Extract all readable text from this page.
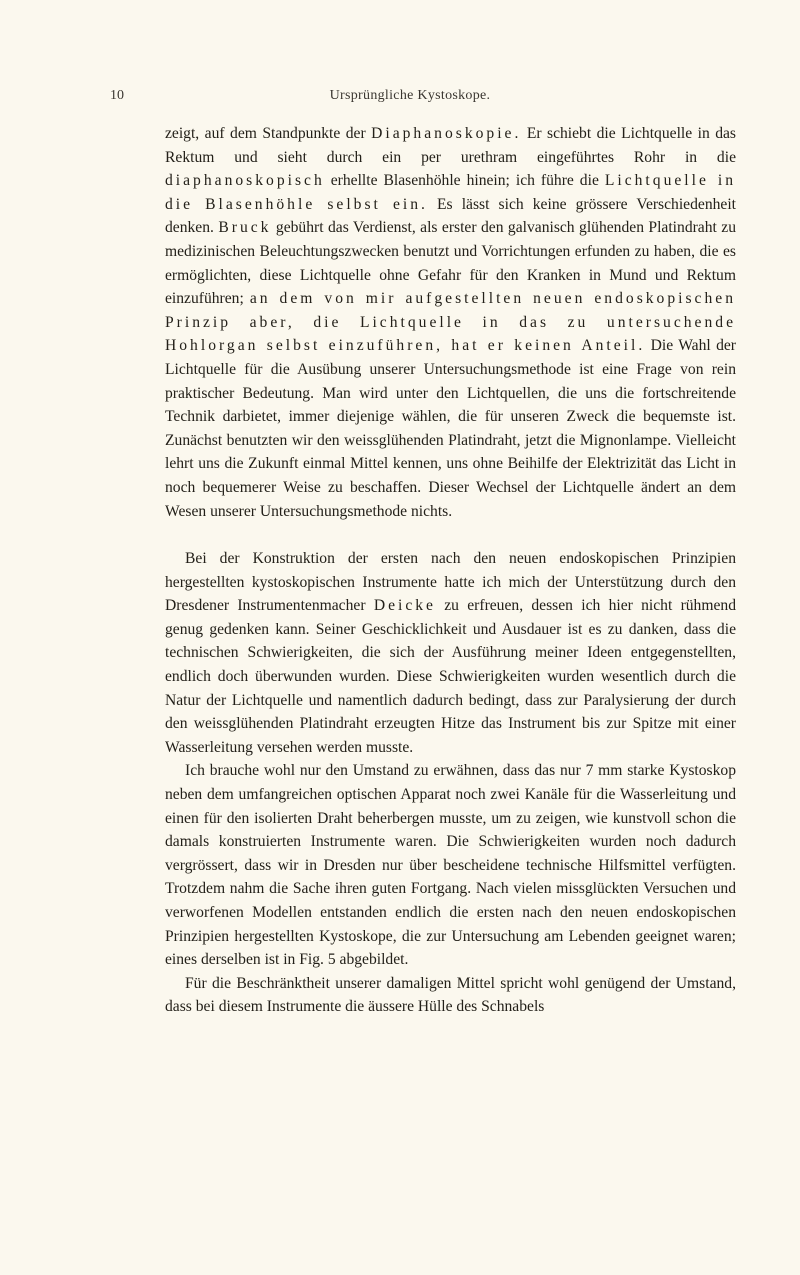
10	Ursprüngliche Kystoskope.

zeigt, auf dem Standpunkte der Diaphanoskopie. Er schiebt die Lichtquelle in das Rektum und sieht durch ein per urethram eingeführtes Rohr in die diaphanoskopisch erhellte Blasenhöhle hinein; ich führe die Lichtquelle in die Blasenhöhle selbst ein. Es lässt sich keine grössere Verschiedenheit denken. Bruck gebührt das Verdienst, als erster den galvanisch glühenden Platindraht zu medizinischen Beleuchtungszwecken benutzt und Vorrichtungen erfunden zu haben, die es ermöglichten, diese Lichtquelle ohne Gefahr für den Kranken in Mund und Rektum einzuführen; an dem von mir aufgestellten neuen endoskopischen Prinzip aber, die Lichtquelle in das zu untersuchende Hohlorgan selbst einzuführen, hat er keinen Anteil. Die Wahl der Lichtquelle für die Ausübung unserer Untersuchungsmethode ist eine Frage von rein praktischer Bedeutung. Man wird unter den Lichtquellen, die uns die fortschreitende Technik darbietet, immer diejenige wählen, die für unseren Zweck die bequemste ist. Zunächst benutzten wir den weissglühenden Platindraht, jetzt die Mignonlampe. Vielleicht lehrt uns die Zukunft einmal Mittel kennen, uns ohne Beihilfe der Elektrizität das Licht in noch bequemerer Weise zu beschaffen. Dieser Wechsel der Lichtquelle ändert an dem Wesen unserer Untersuchungsmethode nichts.

Bei der Konstruktion der ersten nach den neuen endoskopischen Prinzipien hergestellten kystoskopischen Instrumente hatte ich mich der Unterstützung durch den Dresdener Instrumentenmacher Deicke zu erfreuen, dessen ich hier nicht rühmend genug gedenken kann. Seiner Geschicklichkeit und Ausdauer ist es zu danken, dass die technischen Schwierigkeiten, die sich der Ausführung meiner Ideen entgegenstellten, endlich doch überwunden wurden. Diese Schwierigkeiten wurden wesentlich durch die Natur der Lichtquelle und namentlich dadurch bedingt, dass zur Paralysierung der durch den weissglühenden Platindraht erzeugten Hitze das Instrument bis zur Spitze mit einer Wasserleitung versehen werden musste.

Ich brauche wohl nur den Umstand zu erwähnen, dass das nur 7 mm starke Kystoskop neben dem umfangreichen optischen Apparat noch zwei Kanäle für die Wasserleitung und einen für den isolierten Draht beherbergen musste, um zu zeigen, wie kunstvoll schon die damals konstruierten Instrumente waren. Die Schwierigkeiten wurden noch dadurch vergrössert, dass wir in Dresden nur über bescheidene technische Hilfsmittel verfügten. Trotzdem nahm die Sache ihren guten Fortgang. Nach vielen missglückten Versuchen und verworfenen Modellen entstanden endlich die ersten nach den neuen endoskopischen Prinzipien hergestellten Kystoskope, die zur Untersuchung am Lebenden geeignet waren; eines derselben ist in Fig. 5 abgebildet.

Für die Beschränktheit unserer damaligen Mittel spricht wohl genügend der Umstand, dass bei diesem Instrumente die äussere Hülle des Schnabels
